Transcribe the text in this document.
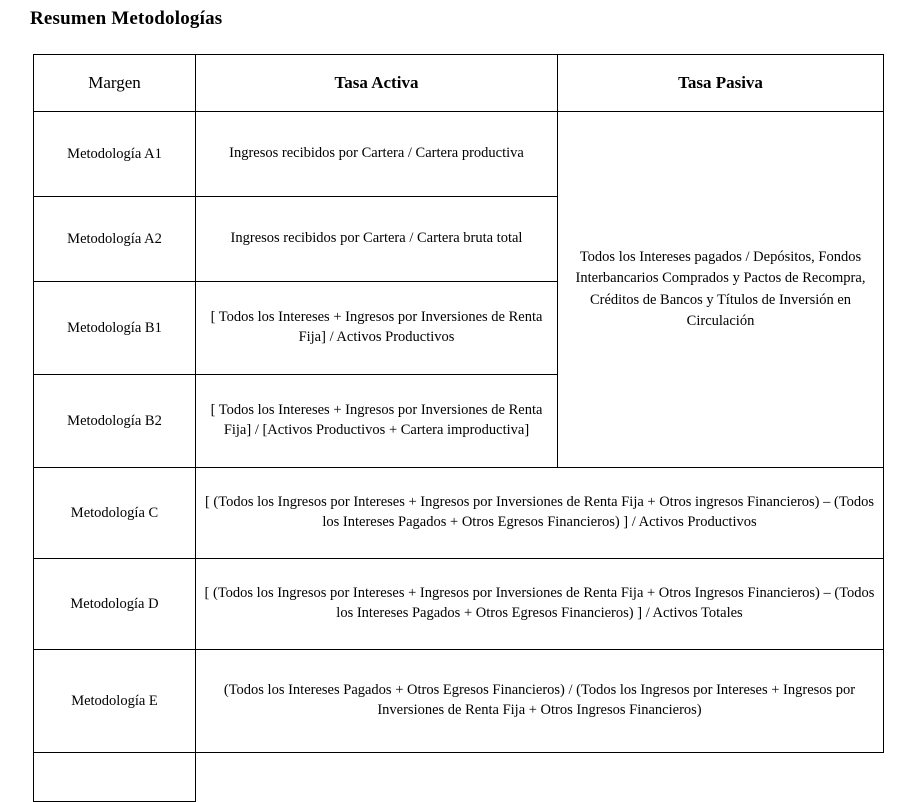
Resumen Metodologías
Margen	Tasa Activa	Tasa Pasiva
Metodología A1	Ingresos recibidos por Cartera / Cartera productiva	Todos los Intereses pagados / Depósitos, Fondos Interbancarios Comprados y Pactos de Recompra, Créditos de Bancos y Títulos de Inversión en Circulación
Metodología A2	Ingresos recibidos por Cartera / Cartera bruta total	
Metodología B1	[ Todos los Intereses + Ingresos por Inversiones de Renta Fija] / Activos Productivos	
Metodología B2	[ Todos los Intereses + Ingresos por Inversiones de Renta Fija] / [Activos Productivos + Cartera improductiva]	
Metodología C	[ (Todos los Ingresos por Intereses + Ingresos por Inversiones de Renta Fija + Otros ingresos Financieros) – (Todos los Intereses Pagados + Otros Egresos Financieros) ] / Activos Productivos	
Metodología D	[ (Todos los Ingresos por Intereses + Ingresos por Inversiones de Renta Fija + Otros Ingresos Financieros) – (Todos los Intereses Pagados + Otros Egresos Financieros) ] / Activos Totales	
Metodología E	(Todos los Intereses Pagados + Otros Egresos Financieros) / (Todos los Ingresos por Intereses + Ingresos por Inversiones de Renta Fija + Otros Ingresos Financieros)	
